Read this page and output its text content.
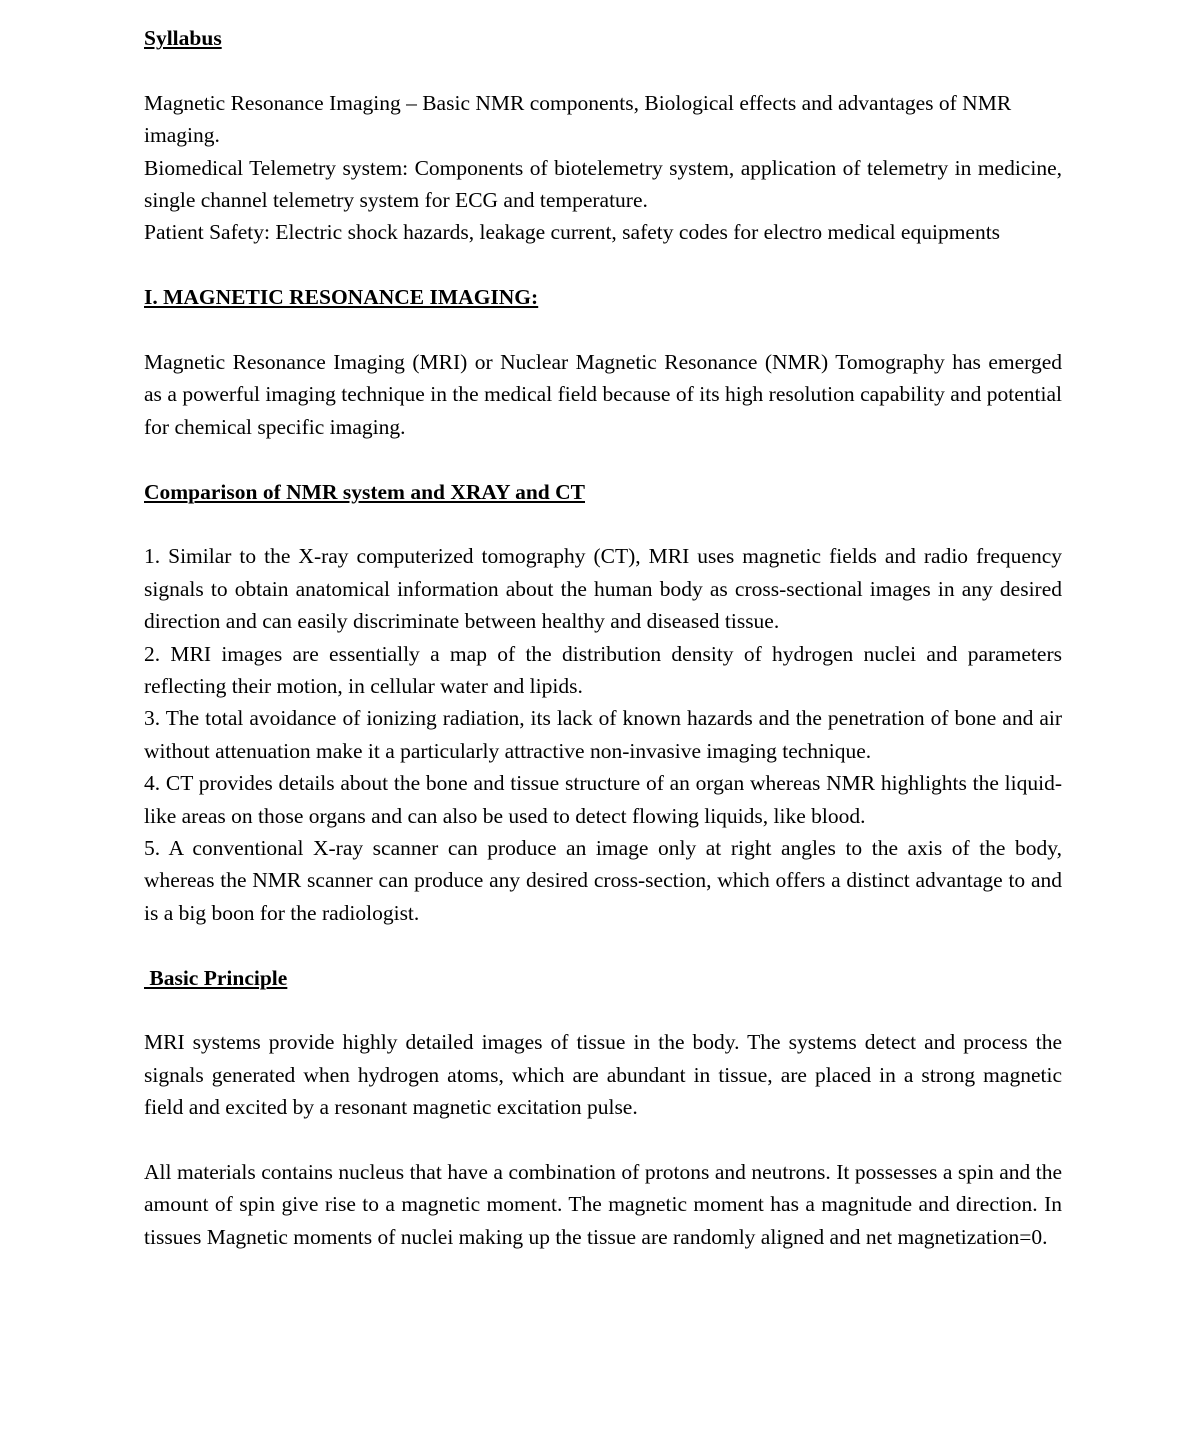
Syllabus

Magnetic Resonance Imaging – Basic NMR components, Biological effects and advantages of NMR imaging.

Biomedical Telemetry system: Components of biotelemetry system, application of telemetry in medicine, single channel telemetry system for ECG and temperature.

Patient Safety: Electric shock hazards, leakage current, safety codes for electro medical equipments

I. MAGNETIC RESONANCE IMAGING:

Magnetic Resonance Imaging (MRI) or Nuclear Magnetic Resonance (NMR) Tomography has emerged as a powerful imaging technique in the medical field because of its high resolution capability and potential for chemical specific imaging.

Comparison of NMR system and XRAY and CT

1. Similar to the X-ray computerized tomography (CT), MRI uses magnetic fields and radio frequency signals to obtain anatomical information about the human body as cross-sectional images in any desired direction and can easily discriminate between healthy and diseased tissue.

2. MRI images are essentially a map of the distribution density of hydrogen nuclei and parameters reflecting their motion, in cellular water and lipids.

3. The total avoidance of ionizing radiation, its lack of known hazards and the penetration of bone and air without attenuation make it a particularly attractive non-invasive imaging technique.

4. CT provides details about the bone and tissue structure of an organ whereas NMR highlights the liquid-like areas on those organs and can also be used to detect flowing liquids, like blood.

5. A conventional X-ray scanner can produce an image only at right angles to the axis of the body, whereas the NMR scanner can produce any desired cross-section, which offers a distinct advantage to and is a big boon for the radiologist.

Basic Principle

MRI systems provide highly detailed images of tissue in the body. The systems detect and process the signals generated when hydrogen atoms, which are abundant in tissue, are placed in a strong magnetic field and excited by a resonant magnetic excitation pulse.

All materials contains nucleus that have a combination of protons and neutrons. It possesses a spin and the amount of spin give rise to a magnetic moment. The magnetic moment has a magnitude and direction. In tissues Magnetic moments of nuclei making up the tissue are randomly aligned and net magnetization=0.
